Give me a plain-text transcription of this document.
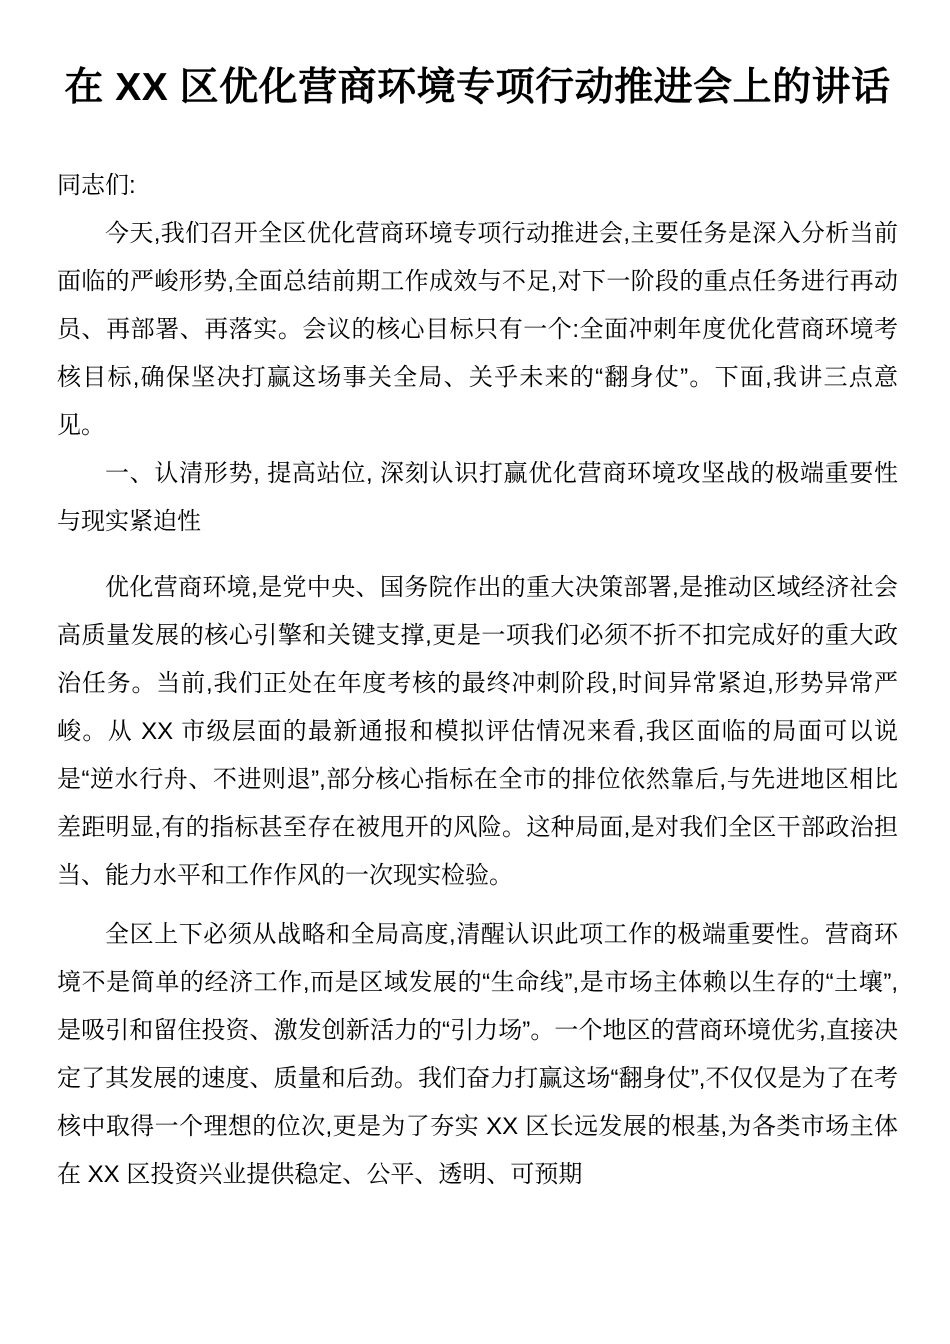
在 XX 区优化营商环境专项行动推进会上的讲话

同志们:

今天,我们召开全区优化营商环境专项行动推进会,主要任务是深入分析当前面临的严峻形势,全面总结前期工作成效与不足,对下一阶段的重点任务进行再动员、再部署、再落实。会议的核心目标只有一个:全面冲刺年度优化营商环境考核目标,确保坚决打赢这场事关全局、关乎未来的“翻身仗”。下面,我讲三点意见。

一、认清形势, 提高站位, 深刻认识打赢优化营商环境攻坚战的极端重要性与现实紧迫性

优化营商环境,是党中央、国务院作出的重大决策部署,是推动区域经济社会高质量发展的核心引擎和关键支撑,更是一项我们必须不折不扣完成好的重大政治任务。当前,我们正处在年度考核的最终冲刺阶段,时间异常紧迫,形势异常严峻。从 XX 市级层面的最新通报和模拟评估情况来看,我区面临的局面可以说是“逆水行舟、不进则退”,部分核心指标在全市的排位依然靠后,与先进地区相比差距明显,有的指标甚至存在被甩开的风险。这种局面,是对我们全区干部政治担当、能力水平和工作作风的一次现实检验。

全区上下必须从战略和全局高度,清醒认识此项工作的极端重要性。营商环境不是简单的经济工作,而是区域发展的“生命线”,是市场主体赖以生存的“土壤”,是吸引和留住投资、激发创新活力的“引力场”。一个地区的营商环境优劣,直接决定了其发展的速度、质量和后劲。我们奋力打赢这场“翻身仗”,不仅仅是为了在考核中取得一个理想的位次,更是为了夯实 XX 区长远发展的根基,为各类市场主体在 XX 区投资兴业提供稳定、公平、透明、可预期
